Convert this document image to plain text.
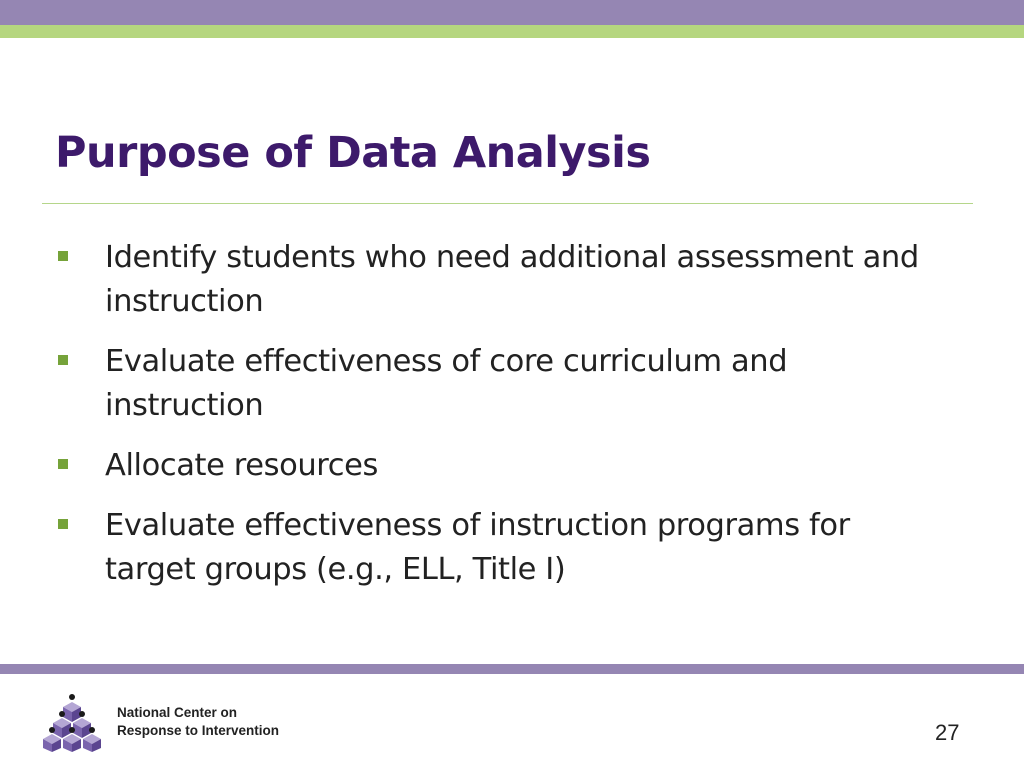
Purpose of Data Analysis
Identify students who need additional assessment and instruction
Evaluate effectiveness of core curriculum and instruction
Allocate resources
Evaluate effectiveness of instruction programs for target groups (e.g., ELL, Title I)
National Center on
Response to Intervention	27
